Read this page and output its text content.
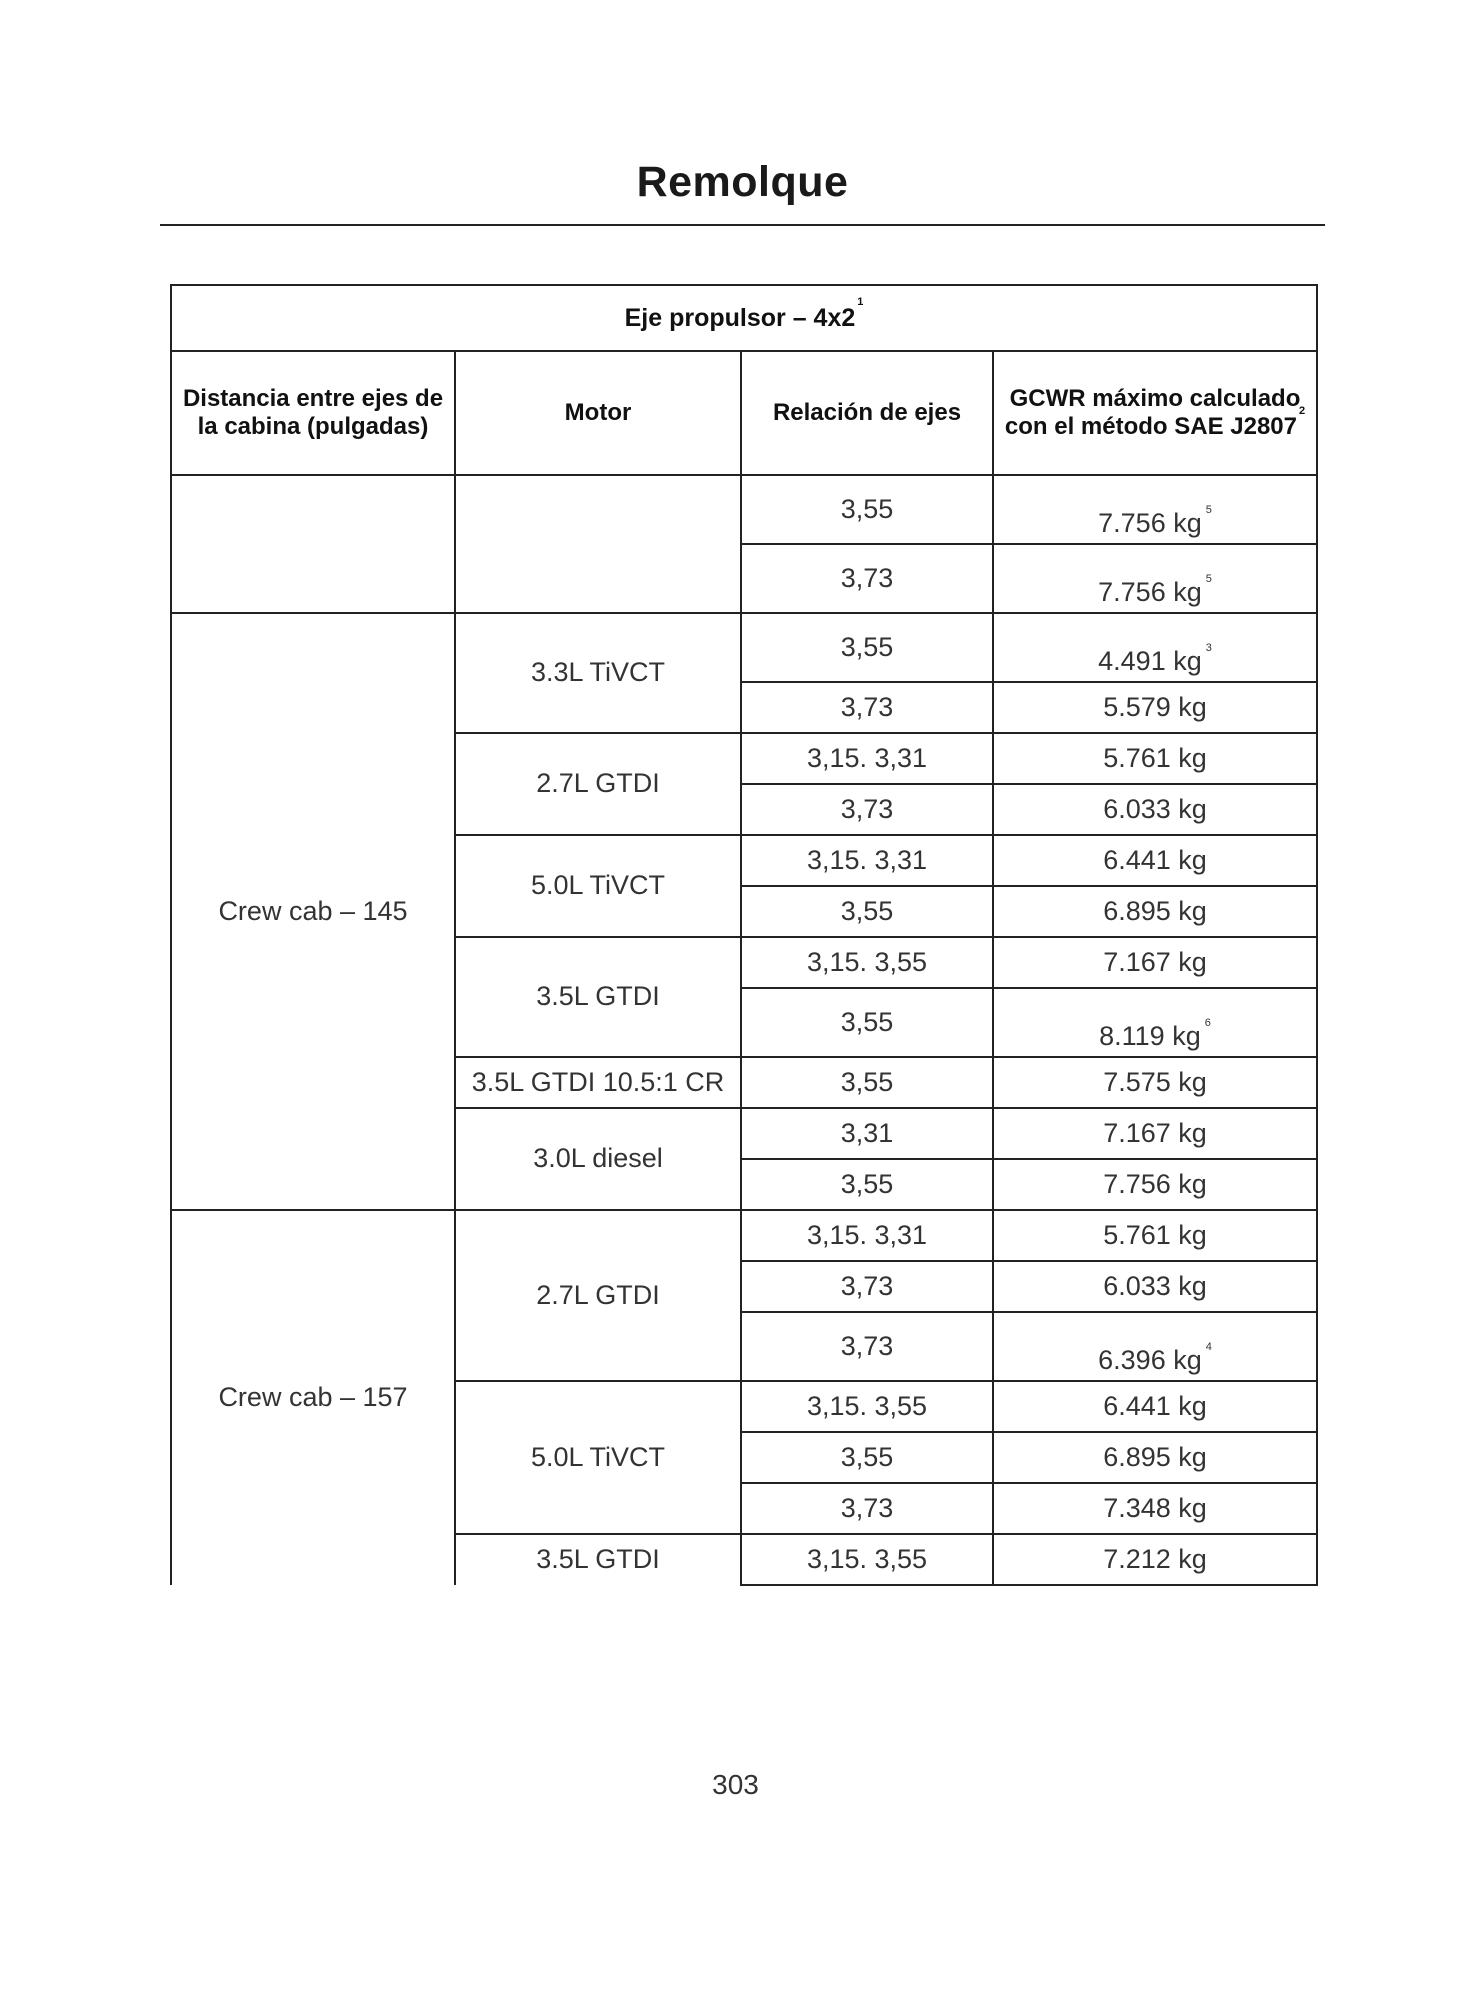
Remolque
Eje propulsor – $4x2^1$
Distancia entre ejes de la cabina (pulgadas)	Motor	Relación de ejes	GCWR máximo calculado con el método SAE J2807$^2$
		3,55	7.756 kg $^5$
		3,73	7.756 kg $^5$
Crew cab – 145	3.3L TiVCT	3,55	4.491 kg $^3$
		3,73	5.579 kg
	2.7L GTDI	3,15. 3,31	5.761 kg
		3,73	6.033 kg
	5.0L TiVCT	3,15. 3,31	6.441 kg
		3,55	6.895 kg
	3.5L GTDI	3,15. 3,55	7.167 kg
		3,55	8.119 kg $^6$
	3.5L GTDI 10.5:1 CR	3,55	7.575 kg
	3.0L diesel	3,31	7.167 kg
		3,55	7.756 kg
Crew cab – 157	2.7L GTDI	3,15. 3,31	5.761 kg
		3,73	6.033 kg
		3,73	6.396 kg $^4$
	5.0L TiVCT	3,15. 3,55	6.441 kg
		3,55	6.895 kg
		3,73	7.348 kg
	3.5L GTDI	3,15. 3,55	7.212 kg
303
